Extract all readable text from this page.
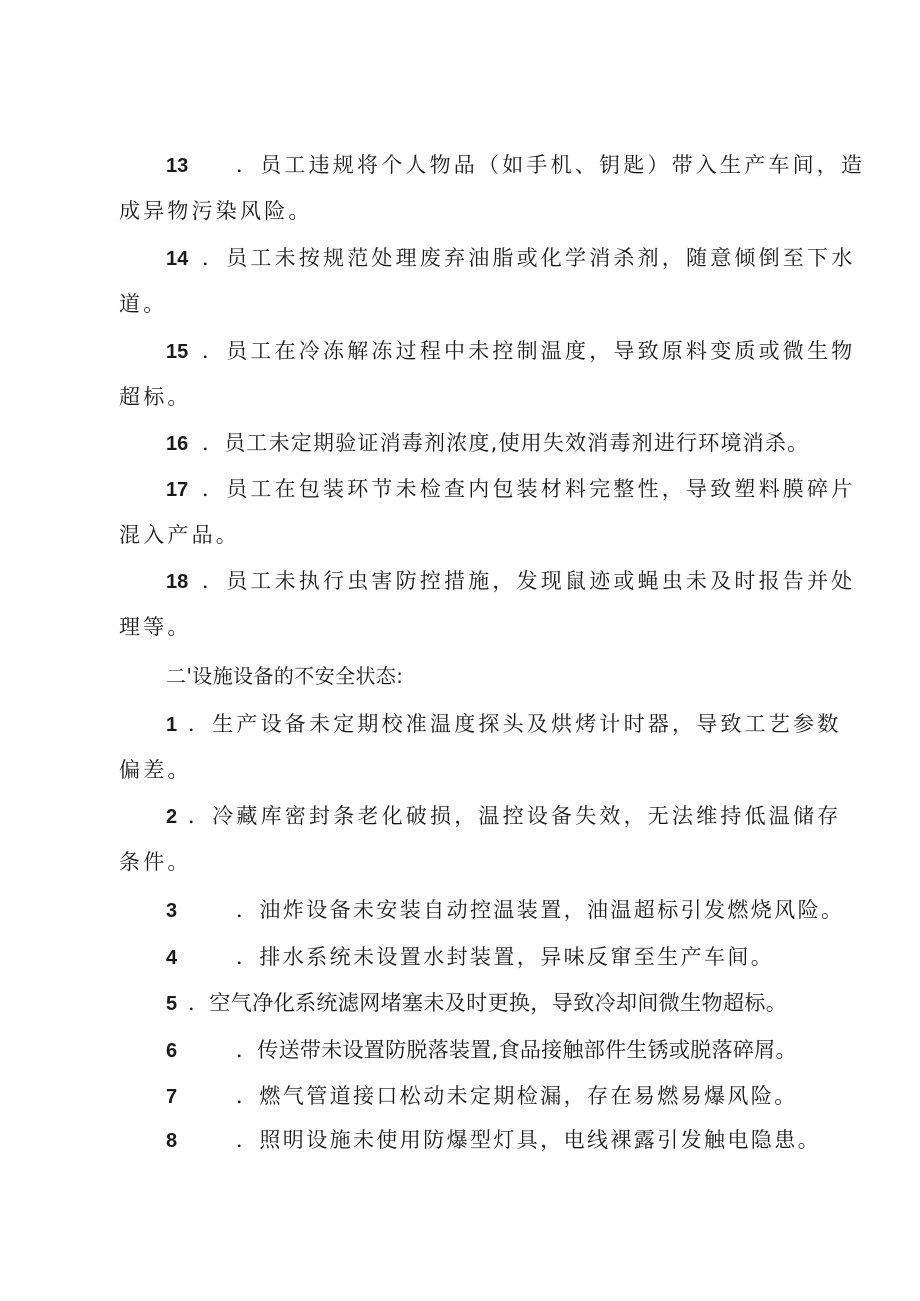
13 ．员工违规将个人物品（如手机、钥匙）带入生产车间，造
成异物污染风险。
14 ．员工未按规范处理废弃油脂或化学消杀剂，随意倾倒至下水
道。
15 ．员工在冷冻解冻过程中未控制温度，导致原料变质或微生物
超标。
16 ．员工未定期验证消毒剂浓度,使用失效消毒剂进行环境消杀。
17 ．员工在包装环节未检查内包装材料完整性，导致塑料膜碎片
混入产品。
18 ．员工未执行虫害防控措施，发现鼠迹或蝇虫未及时报告并处
理等。
二'设施设备的不安全状态:
1 ．生产设备未定期校准温度探头及烘烤计时器，导致工艺参数
偏差。
2 ．冷藏库密封条老化破损，温控设备失效，无法维持低温储存
条件。
3	．油炸设备未安装自动控温装置，油温超标引发燃烧风险。
4	．排水系统未设置水封装置，异味反窜至生产车间。
5 ．空气净化系统滤网堵塞未及时更换，导致冷却间微生物超标。
6	．传送带未设置防脱落装置,食品接触部件生锈或脱落碎屑。
7	．燃气管道接口松动未定期检漏，存在易燃易爆风险。
8	．照明设施未使用防爆型灯具，电线裸露引发触电隐患。
